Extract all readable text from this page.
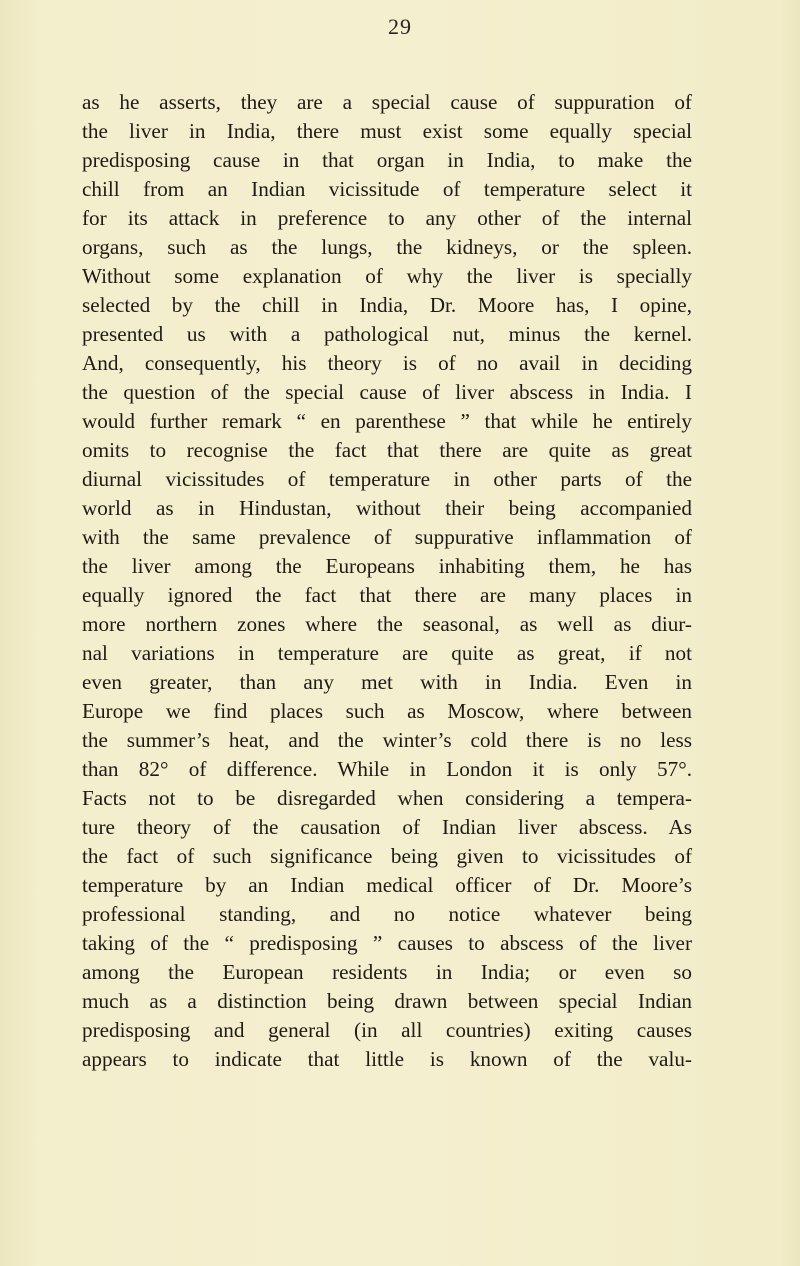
29
as he asserts, they are a special cause of suppuration of
the liver in India, there must exist some equally special
predisposing cause in that organ in India, to make the
chill from an Indian vicissitude of temperature select it
for its attack in preference to any other of the internal
organs, such as the lungs, the kidneys, or the spleen.
Without some explanation of why the liver is specially
selected by the chill in India, Dr. Moore has, I opine,
presented us with a pathological nut, minus the kernel.
And, consequently, his theory is of no avail in deciding
the question of the special cause of liver abscess in India. I
would further remark “ en parenthese ” that while he entirely
omits to recognise the fact that there are quite as great
diurnal vicissitudes of temperature in other parts of the
world as in Hindustan, without their being accompanied
with the same prevalence of suppurative inflammation of
the liver among the Europeans inhabiting them, he has
equally ignored the fact that there are many places in
more northern zones where the seasonal, as well as diur-
nal variations in temperature are quite as great, if not
even greater, than any met with in India. Even in
Europe we find places such as Moscow, where between
the summer’s heat, and the winter’s cold there is no less
than 82° of difference. While in London it is only 57°.
Facts not to be disregarded when considering a tempera-
ture theory of the causation of Indian liver abscess. As
the fact of such significance being given to vicissitudes of
temperature by an Indian medical officer of Dr. Moore’s
professional standing, and no notice whatever being
taking of the “ predisposing ” causes to abscess of the liver
among the European residents in India; or even so
much as a distinction being drawn between special Indian
predisposing and general (in all countries) exiting causes
appears to indicate that little is known of the valu-
